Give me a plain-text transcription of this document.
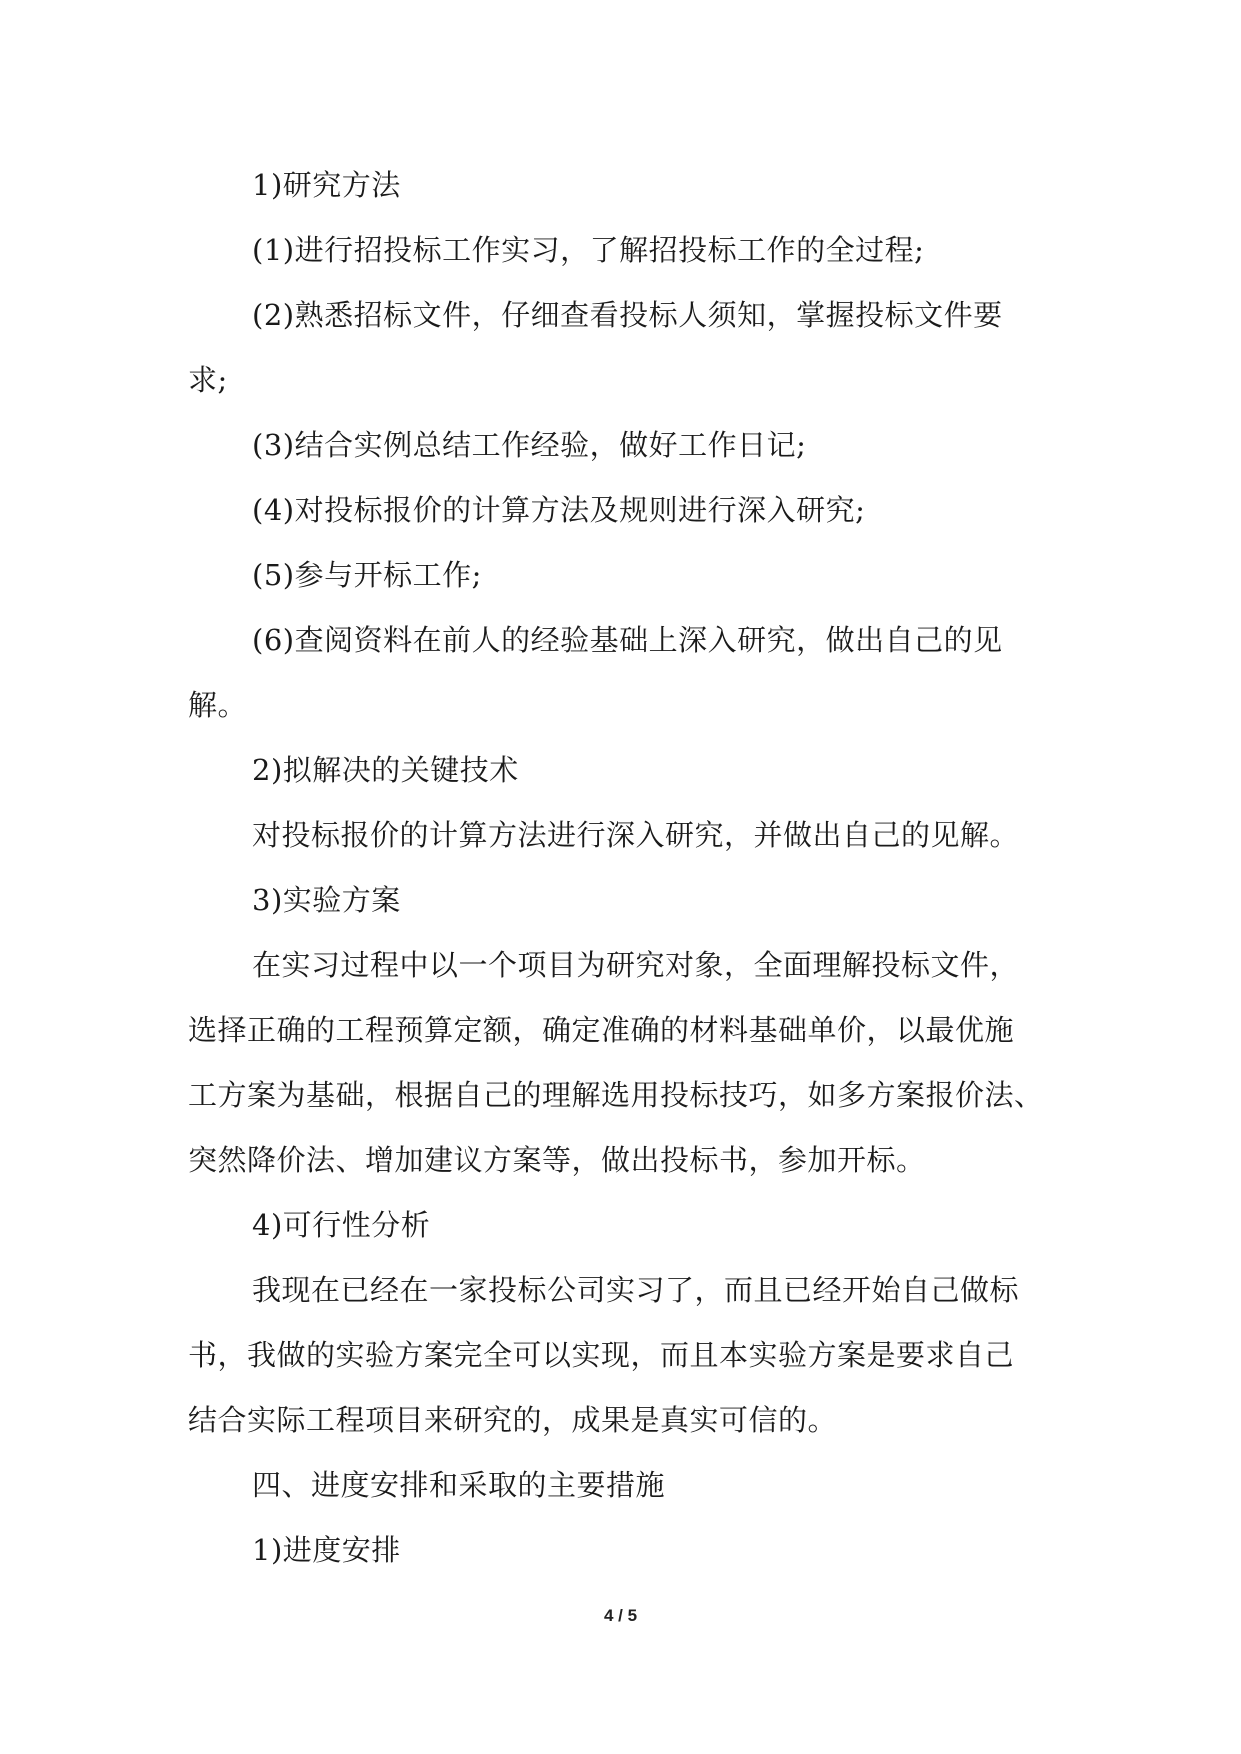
1)研究方法
(1)进行招投标工作实习，了解招投标工作的全过程;
(2)熟悉招标文件，仔细查看投标人须知，掌握投标文件要
求;
(3)结合实例总结工作经验，做好工作日记;
(4)对投标报价的计算方法及规则进行深入研究;
(5)参与开标工作;
(6)查阅资料在前人的经验基础上深入研究，做出自己的见
解。
2)拟解决的关键技术
对投标报价的计算方法进行深入研究，并做出自己的见解。
3)实验方案
在实习过程中以一个项目为研究对象，全面理解投标文件，
选择正确的工程预算定额，确定准确的材料基础单价，以最优施
工方案为基础，根据自己的理解选用投标技巧，如多方案报价法、
突然降价法、增加建议方案等，做出投标书，参加开标。
4)可行性分析
我现在已经在一家投标公司实习了，而且已经开始自己做标
书，我做的实验方案完全可以实现，而且本实验方案是要求自己
结合实际工程项目来研究的，成果是真实可信的。
四、进度安排和采取的主要措施
1)进度安排
4 / 5
